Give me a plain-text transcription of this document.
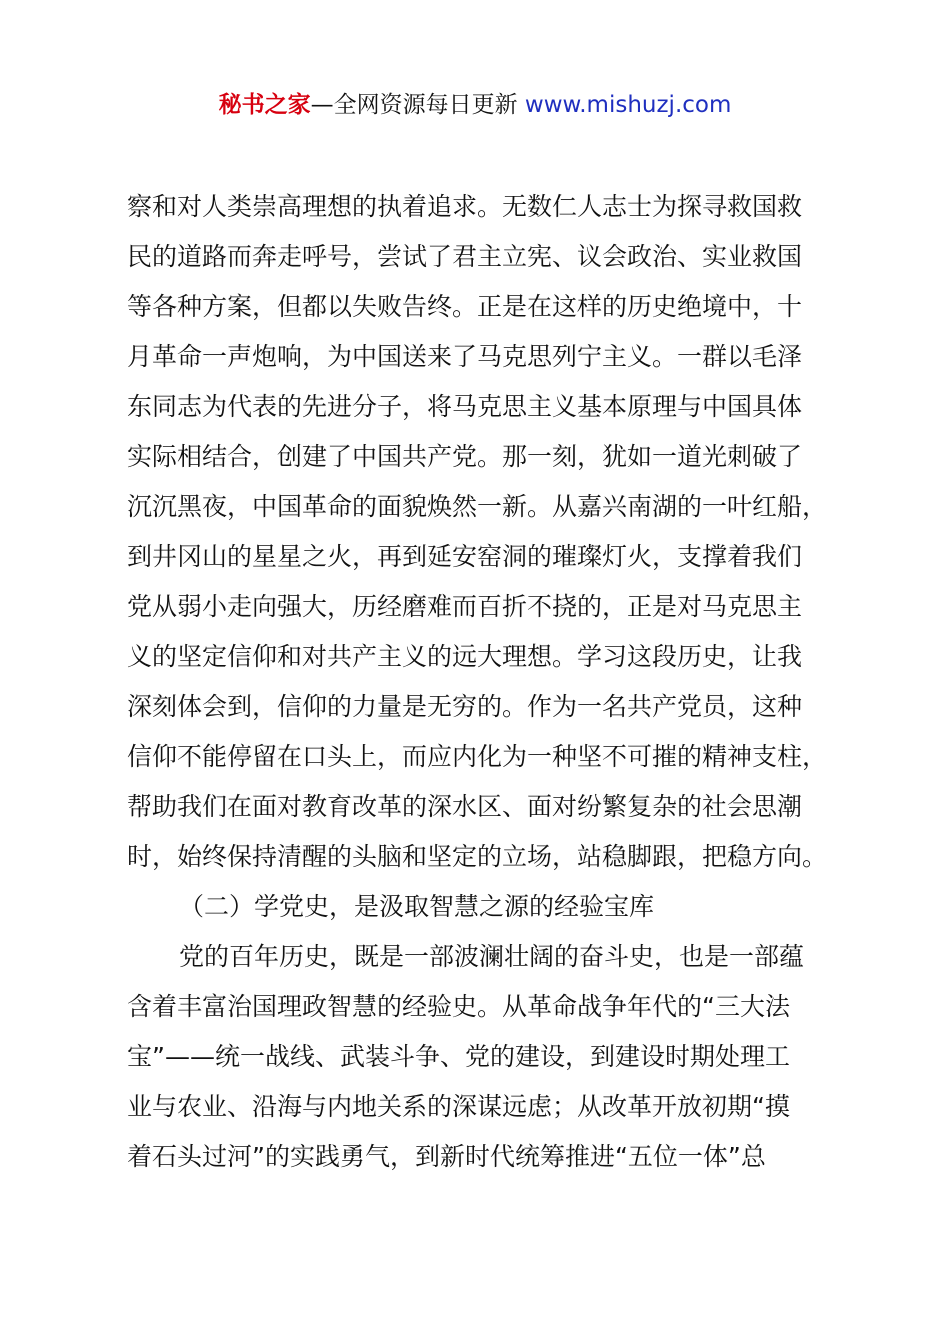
秘书之家—全网资源每日更新 www.mishuzj.com
察和对人类崇高理想的执着追求。无数仁人志士为探寻救国救
民的道路而奔走呼号，尝试了君主立宪、议会政治、实业救国
等各种方案，但都以失败告终。正是在这样的历史绝境中，十
月革命一声炮响，为中国送来了马克思列宁主义。一群以毛泽
东同志为代表的先进分子，将马克思主义基本原理与中国具体
实际相结合，创建了中国共产党。那一刻，犹如一道光刺破了
沉沉黑夜，中国革命的面貌焕然一新。从嘉兴南湖的一叶红船，
到井冈山的星星之火，再到延安窑洞的璀璨灯火，支撑着我们
党从弱小走向强大，历经磨难而百折不挠的，正是对马克思主
义的坚定信仰和对共产主义的远大理想。学习这段历史，让我
深刻体会到，信仰的力量是无穷的。作为一名共产党员，这种
信仰不能停留在口头上，而应内化为一种坚不可摧的精神支柱，
帮助我们在面对教育改革的深水区、面对纷繁复杂的社会思潮
时，始终保持清醒的头脑和坚定的立场，站稳脚跟，把稳方向。
（二）学党史，是汲取智慧之源的经验宝库
党的百年历史，既是一部波澜壮阔的奋斗史，也是一部蕴
含着丰富治国理政智慧的经验史。从革命战争年代的“三大法
宝”——统一战线、武装斗争、党的建设，到建设时期处理工
业与农业、沿海与内地关系的深谋远虑；从改革开放初期“摸
着石头过河”的实践勇气，到新时代统筹推进“五位一体”总
